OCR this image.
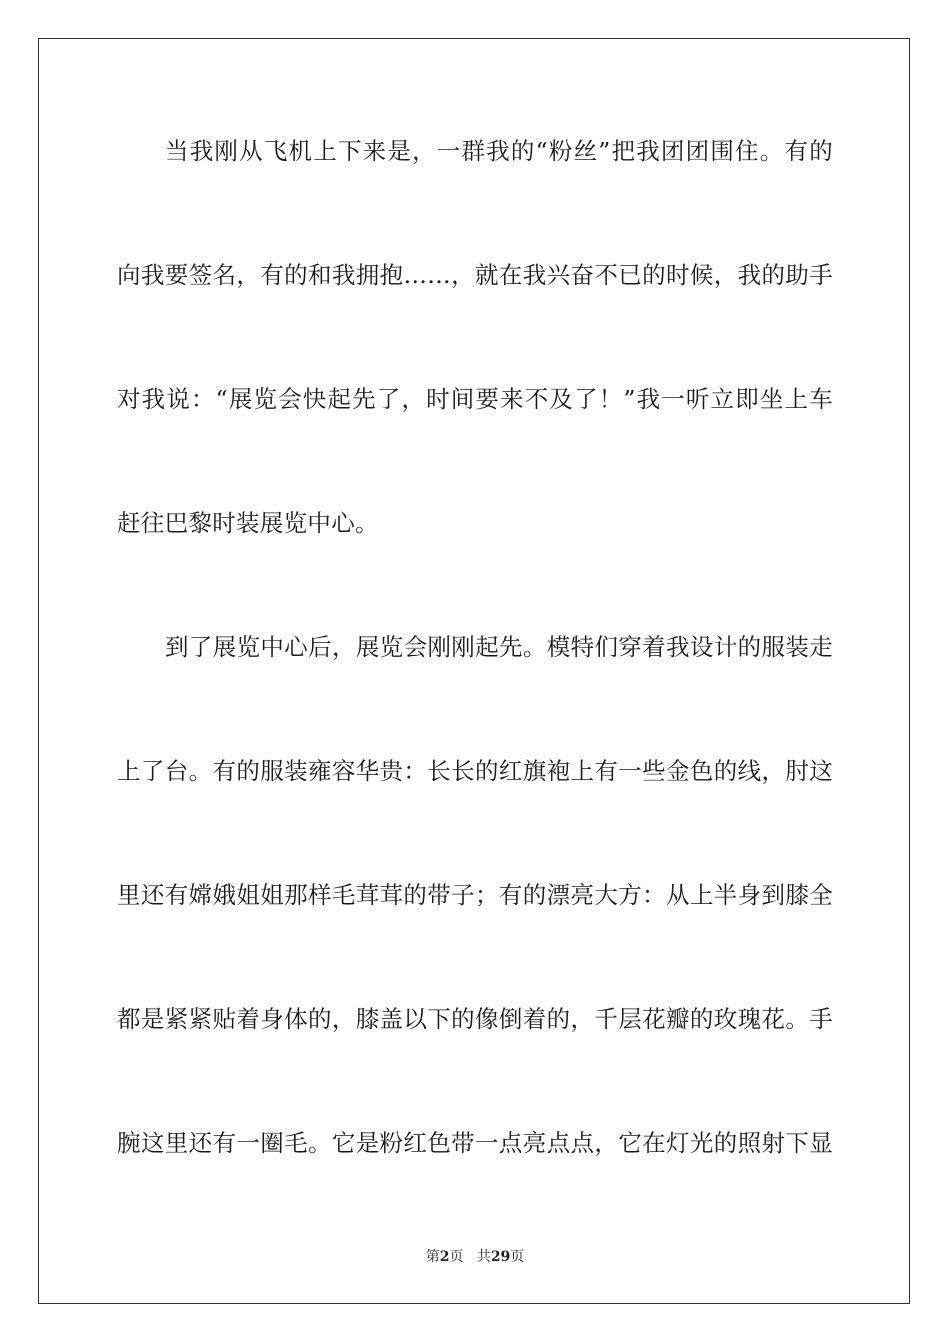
当我刚从飞机上下来是，一群我的“粉丝”把我团团围住。有的
向我要签名，有的和我拥抱……，就在我兴奋不已的时候，我的助手
对我说：“展览会快起先了，时间要来不及了！”我一听立即坐上车
赶往巴黎时装展览中心。
到了展览中心后，展览会刚刚起先。模特们穿着我设计的服装走
上了台。有的服装雍容华贵：长长的红旗袍上有一些金色的线，肘这
里还有嫦娥姐姐那样毛茸茸的带子；有的漂亮大方：从上半身到膝全
都是紧紧贴着身体的，膝盖以下的像倒着的，千层花瓣的玫瑰花。手
腕这里还有一圈毛。它是粉红色带一点亮点点，它在灯光的照射下显
第2页 共29页
